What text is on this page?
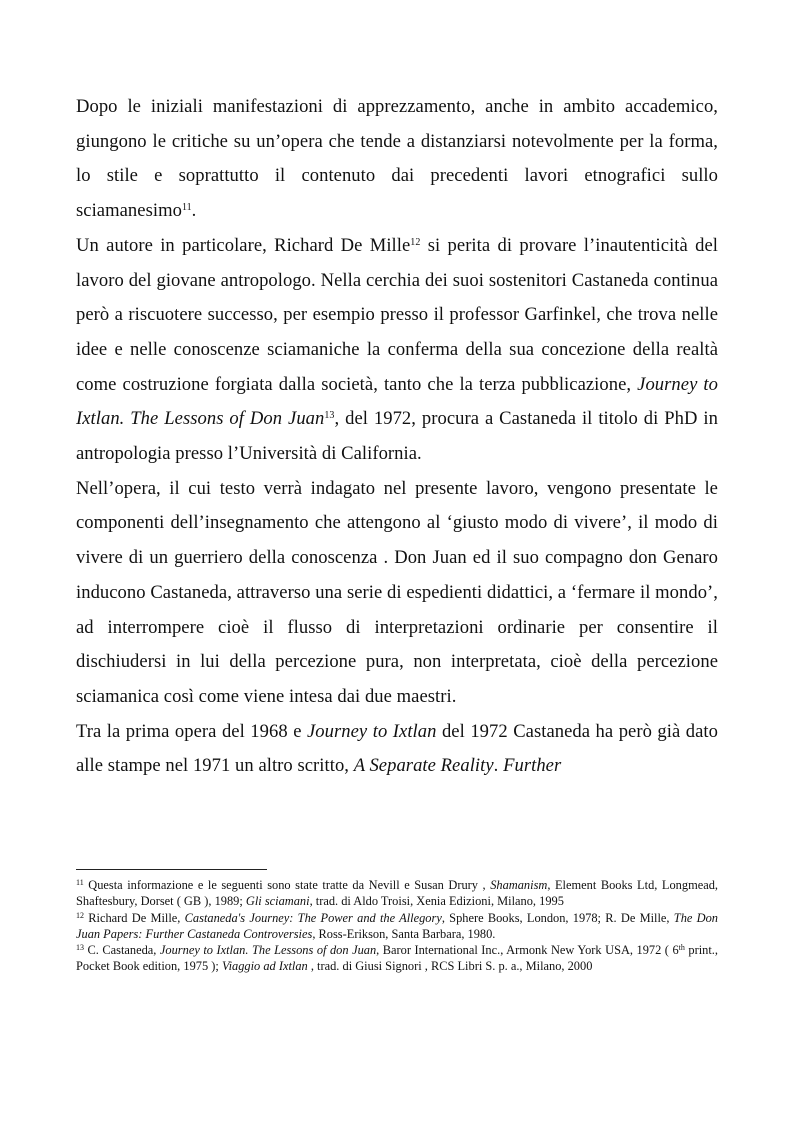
Dopo le iniziali manifestazioni di apprezzamento, anche in ambito accademico, giungono le critiche su un’opera che tende a distanziarsi notevolmente per la forma, lo stile e soprattutto il contenuto dai precedenti lavori etnografici sullo sciamanesimo$^{11}$.

Un autore in particolare, Richard De Mille$^{12}$ si perita di provare l’inautenticità del lavoro del giovane antropologo. Nella cerchia dei suoi sostenitori Castaneda continua però a riscuotere successo, per esempio presso il professor Garfinkel, che trova nelle idee e nelle conoscenze sciamaniche la conferma della sua concezione della realtà come costruzione forgiata dalla società, tanto che la terza pubblicazione, Journey to Ixtlan. The Lessons of Don Juan$^{13}$, del 1972, procura a Castaneda il titolo di PhD in antropologia presso l’Università di California.

Nell’opera, il cui testo verrà indagato nel presente lavoro, vengono presentate le componenti dell’insegnamento che attengono al ‘giusto modo di vivere’, il modo di vivere di un guerriero della conoscenza . Don Juan ed il suo compagno don Genaro inducono Castaneda, attraverso una serie di espedienti didattici, a ‘fermare il mondo’, ad interrompere cioè il flusso di interpretazioni ordinarie per consentire il dischiudersi in lui della percezione pura, non interpretata, cioè della percezione sciamanica così come viene intesa dai due maestri.

Tra la prima opera del 1968 e Journey to Ixtlan del 1972 Castaneda ha però già dato alle stampe nel 1971 un altro scritto, A Separate Reality. Further

$^{11}$ Questa informazione e le seguenti sono state tratte da Nevill e Susan Drury , Shamanism, Element Books Ltd, Longmead, Shaftesbury, Dorset ( GB ), 1989; Gli sciamani, trad. di Aldo Troisi, Xenia Edizioni, Milano, 1995

$^{12}$ Richard De Mille, Castaneda's Journey: The Power and the Allegory, Sphere Books, London, 1978; R. De Mille, The Don Juan Papers: Further Castaneda Controversies, Ross-Erikson, Santa Barbara, 1980.

$^{13}$ C. Castaneda, Journey to Ixtlan. The Lessons of don Juan, Baror International Inc., Armonk New York USA, 1972 ( 6th print., Pocket Book edition, 1975 ); Viaggio ad Ixtlan , trad. di Giusi Signori , RCS Libri S. p. a., Milano, 2000
